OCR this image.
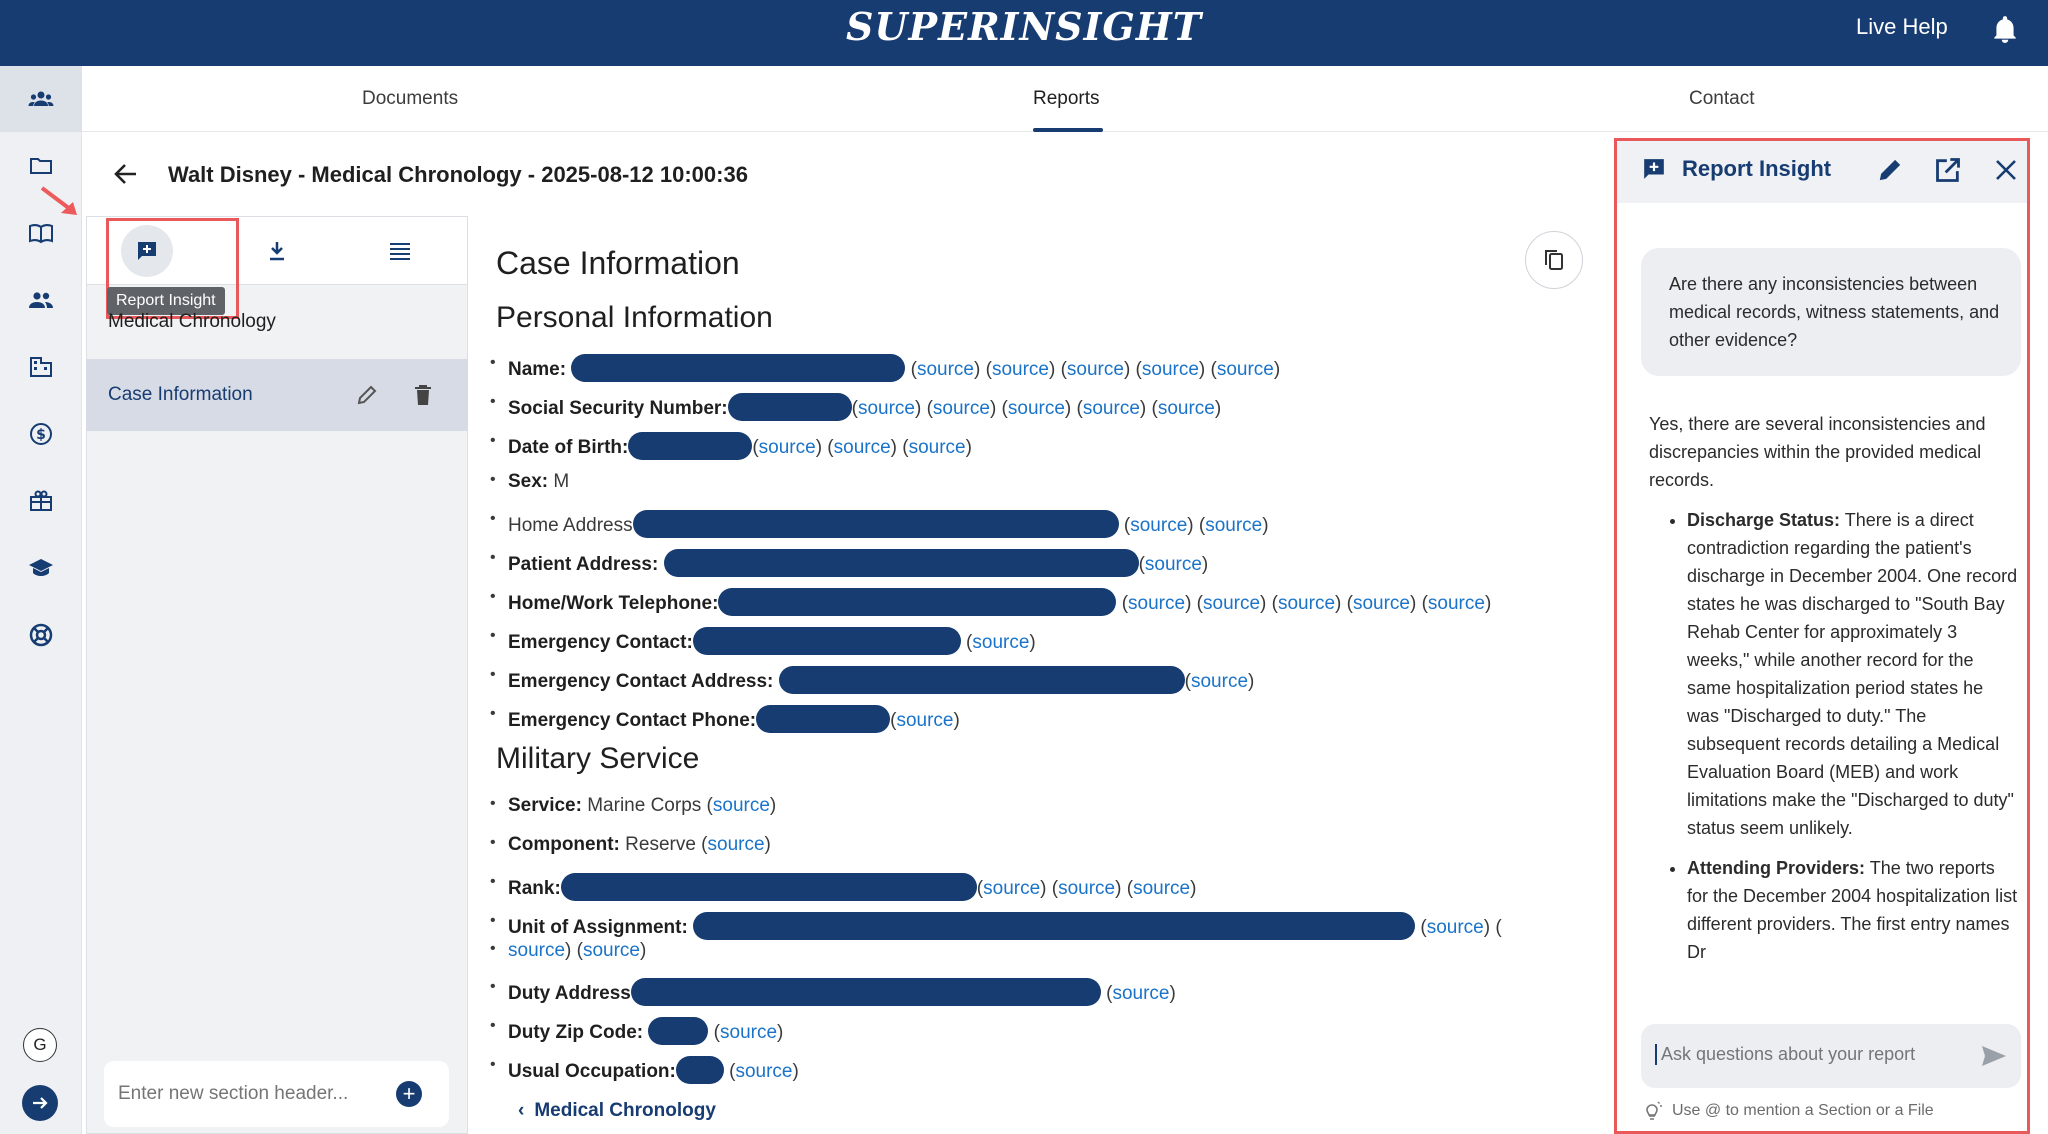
SUPERINSIGHT	Live Help
$
G
Documents	Reports	Contact
Walt Disney - Medical Chronology - 2025-08-12 10:00:36
Report Insight
Medical Chronology
Case Information
Enter new section header...
+
Case Information
Personal Information
• Name:	(source) (source) (source) (source) (source)
• Social Security Number:	(source) (source) (source) (source) (source)
• Date of Birth:	(source) (source) (source)
• Sex: M
• Home Address	(source) (source)
• Patient Address:	(source)
• Home/Work Telephone:	(source) (source) (source) (source) (source)
• Emergency Contact:	(source)
• Emergency Contact Address:	(source)
• Emergency Contact Phone:	(source)
Military Service
• Service: Marine Corps (source)
• Component: Reserve (source)
• Rank:	(source) (source) (source)
• Unit of Assignment:	(source) (
• source) (source)
• Duty Address	(source)
• Duty Zip Code:	(source)
• Usual Occupation:	(source)
‹ Medical Chronology
Report Insight
Are there any inconsistencies between medical records, witness statements, and other evidence?
Yes, there are several inconsistencies and discrepancies within the provided medical records.
• Discharge Status: There is a direct contradiction regarding the patient's discharge in December 2004. One record states he was discharged to "South Bay Rehab Center for approximately 3 weeks," while another record for the same hospitalization period states he was "Discharged to duty." The subsequent records detailing a Medical Evaluation Board (MEB) and work limitations make the "Discharged to duty" status seem unlikely.
• Attending Providers: The two reports for the December 2004 hospitalization list different providers. The first entry names Dr
Ask questions about your report
Use @ to mention a Section or a File
